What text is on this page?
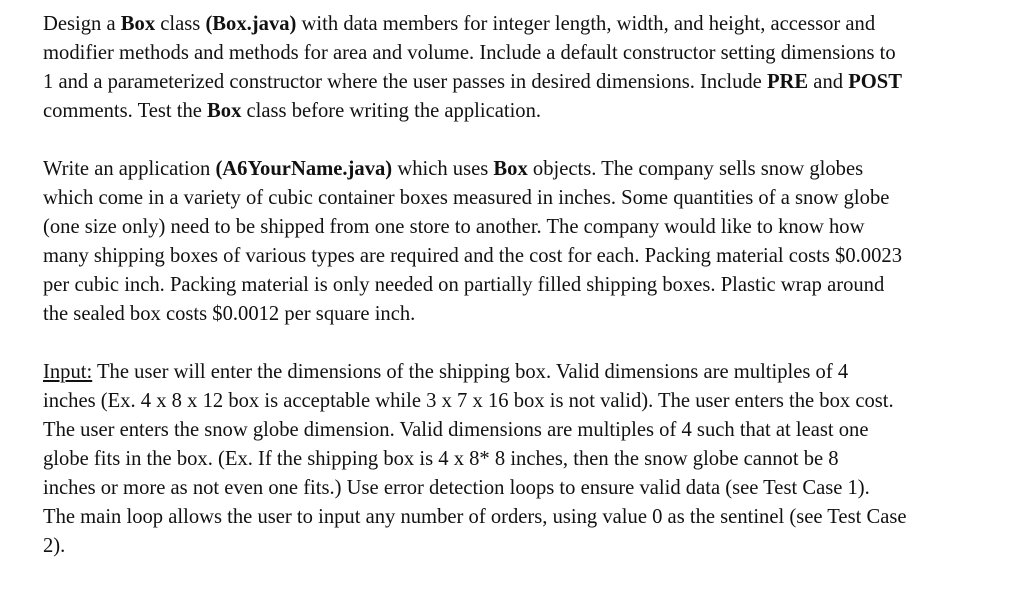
Design a Box class (Box.java) with data members for integer length, width, and height, accessor and
modifier methods and methods for area and volume. Include a default constructor setting dimensions to
1 and a parameterized constructor where the user passes in desired dimensions. Include PRE and POST
comments. Test the Box class before writing the application.
Write an application (A6YourName.java) which uses Box objects. The company sells snow globes
which come in a variety of cubic container boxes measured in inches. Some quantities of a snow globe
(one size only) need to be shipped from one store to another. The company would like to know how
many shipping boxes of various types are required and the cost for each. Packing material costs $0.0023
per cubic inch. Packing material is only needed on partially filled shipping boxes. Plastic wrap around
the sealed box costs $0.0012 per square inch.
Input: The user will enter the dimensions of the shipping box. Valid dimensions are multiples of 4
inches (Ex. 4 x 8 x 12 box is acceptable while 3 x 7 x 16 box is not valid). The user enters the box cost.
The user enters the snow globe dimension. Valid dimensions are multiples of 4 such that at least one
globe fits in the box. (Ex. If the shipping box is 4 x 8* 8 inches, then the snow globe cannot be 8
inches or more as not even one fits.) Use error detection loops to ensure valid data (see Test Case 1).
The main loop allows the user to input any number of orders, using value 0 as the sentinel (see Test Case
2).
